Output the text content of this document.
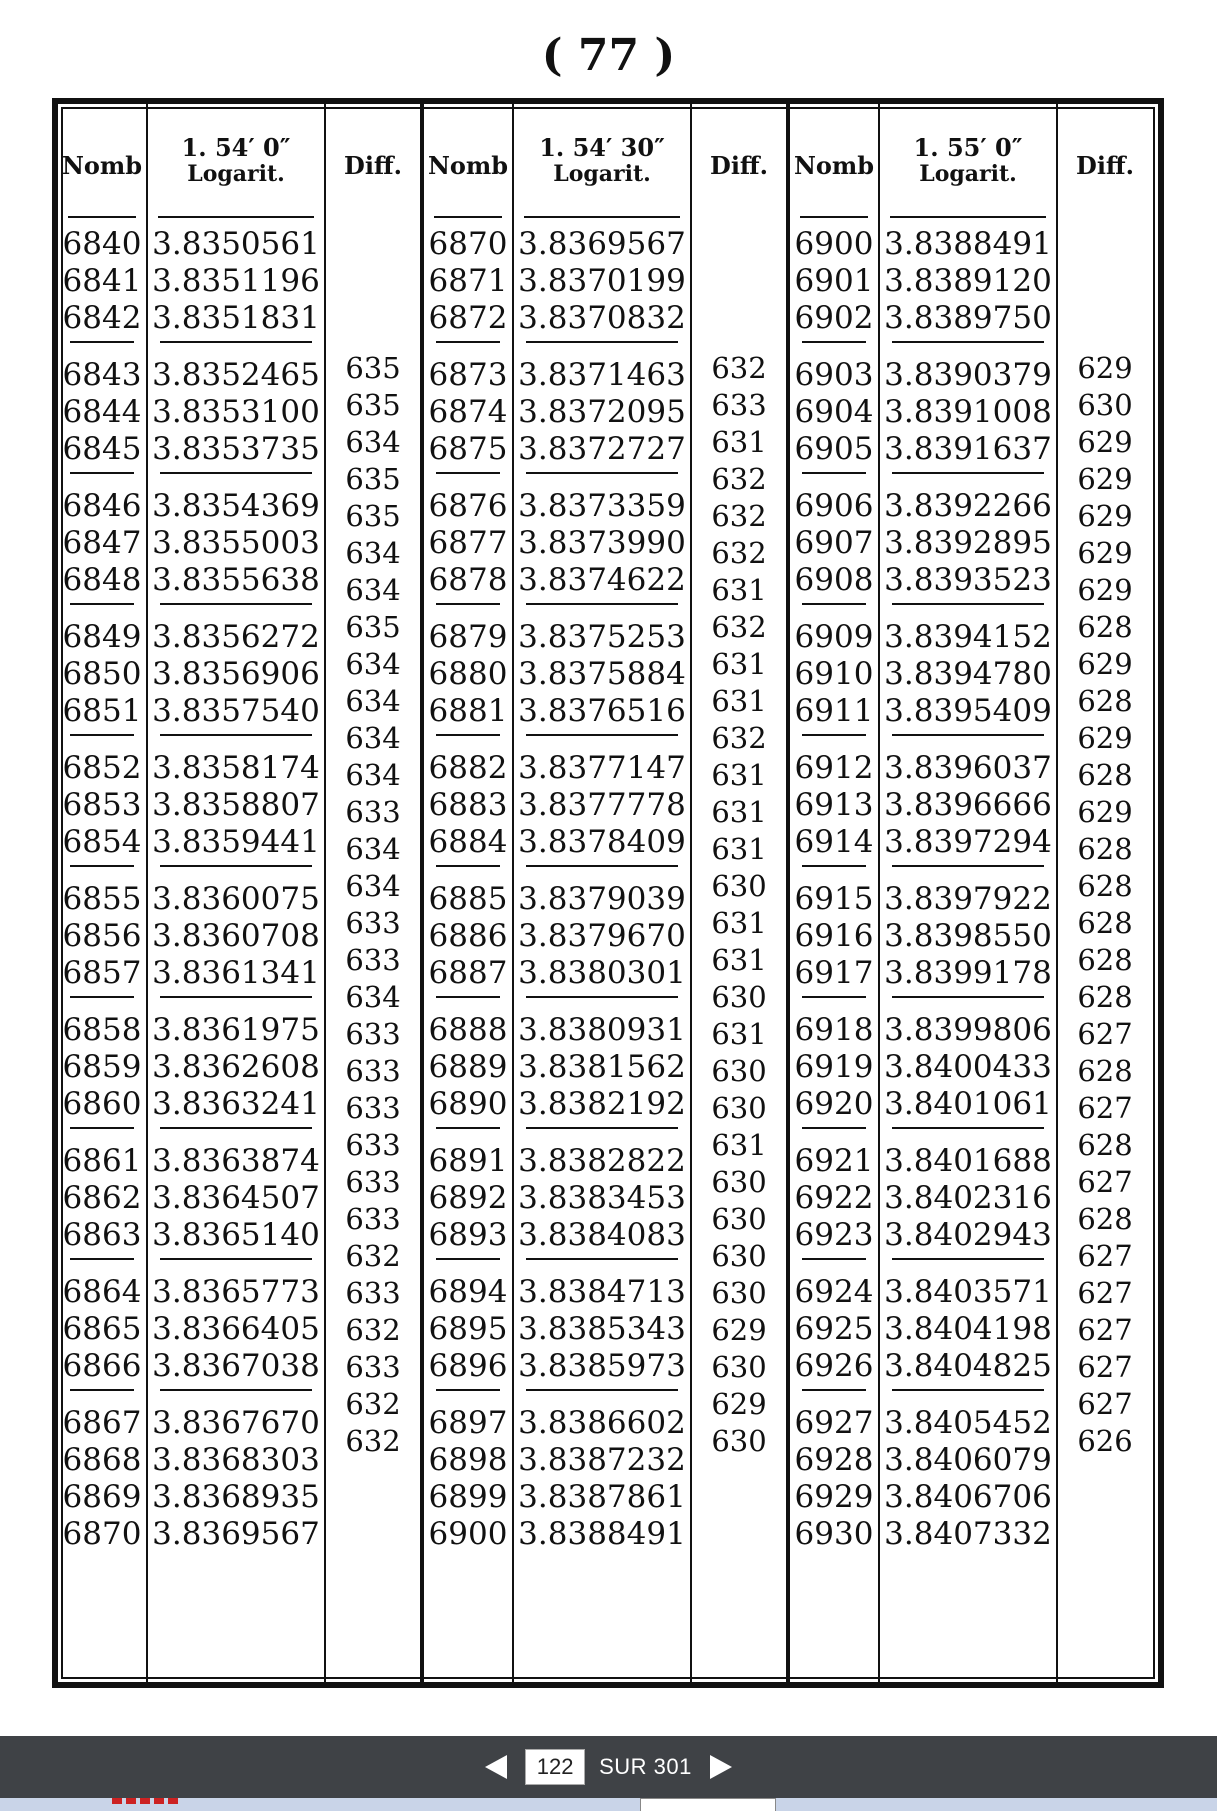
( 77 )
Nomb
6840
6841
6842
6843
6844
6845
6846
6847
6848
6849
6850
6851
6852
6853
6854
6855
6856
6857
6858
6859
6860
6861
6862
6863
6864
6865
6866
6867
6868
6869
6870
1. 54′ 0″
Logarit.
3.8350561
3.8351196
3.8351831
3.8352465
3.8353100
3.8353735
3.8354369
3.8355003
3.8355638
3.8356272
3.8356906
3.8357540
3.8358174
3.8358807
3.8359441
3.8360075
3.8360708
3.8361341
3.8361975
3.8362608
3.8363241
3.8363874
3.8364507
3.8365140
3.8365773
3.8366405
3.8367038
3.8367670
3.8368303
3.8368935
3.8369567
Diff.
635
635
634
635
635
634
634
635
634
634
634
634
633
634
634
633
633
634
633
633
633
633
633
633
632
633
632
633
632
632
Nomb
6870
6871
6872
6873
6874
6875
6876
6877
6878
6879
6880
6881
6882
6883
6884
6885
6886
6887
6888
6889
6890
6891
6892
6893
6894
6895
6896
6897
6898
6899
6900
1. 54′ 30″
Logarit.
3.8369567
3.8370199
3.8370832
3.8371463
3.8372095
3.8372727
3.8373359
3.8373990
3.8374622
3.8375253
3.8375884
3.8376516
3.8377147
3.8377778
3.8378409
3.8379039
3.8379670
3.8380301
3.8380931
3.8381562
3.8382192
3.8382822
3.8383453
3.8384083
3.8384713
3.8385343
3.8385973
3.8386602
3.8387232
3.8387861
3.8388491
Diff.
632
633
631
632
632
632
631
632
631
631
632
631
631
631
630
631
631
630
631
630
630
631
630
630
630
630
629
630
629
630
Nomb
6900
6901
6902
6903
6904
6905
6906
6907
6908
6909
6910
6911
6912
6913
6914
6915
6916
6917
6918
6919
6920
6921
6922
6923
6924
6925
6926
6927
6928
6929
6930
1. 55′ 0″
Logarit.
3.8388491
3.8389120
3.8389750
3.8390379
3.8391008
3.8391637
3.8392266
3.8392895
3.8393523
3.8394152
3.8394780
3.8395409
3.8396037
3.8396666
3.8397294
3.8397922
3.8398550
3.8399178
3.8399806
3.8400433
3.8401061
3.8401688
3.8402316
3.8402943
3.8403571
3.8404198
3.8404825
3.8405452
3.8406079
3.8406706
3.8407332
Diff.
629
630
629
629
629
629
629
628
629
628
629
628
629
628
628
628
628
628
627
628
627
628
627
628
627
627
627
627
627
626
122
SUR 301
